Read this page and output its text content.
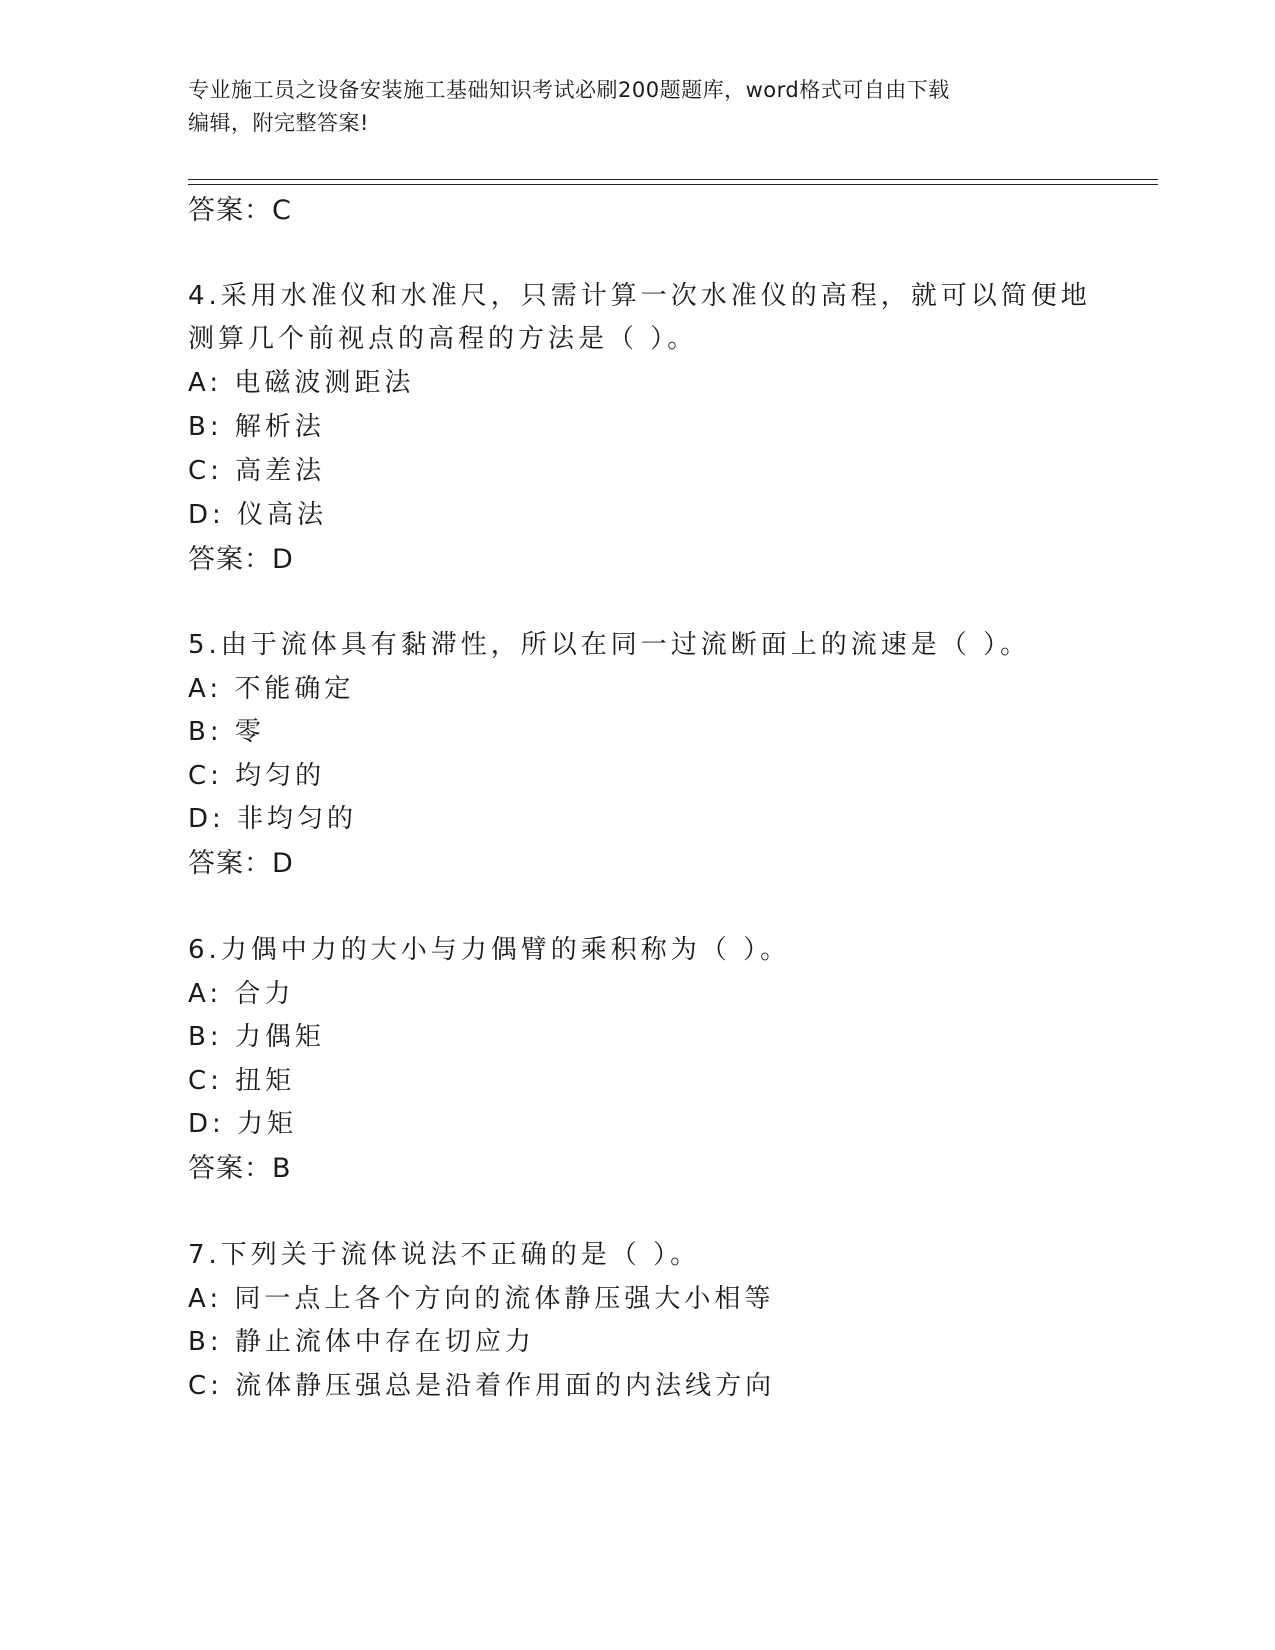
专业施工员之设备安装施工基础知识考试必刷200题题库，word格式可自由下载
编辑，附完整答案!
答案：C
4.采用水准仪和水准尺，只需计算一次水准仪的高程，就可以简便地
测算几个前视点的高程的方法是（ ）。
A: 电磁波测距法
B: 解析法
C: 高差法
D: 仪高法
答案：D
5.由于流体具有黏滞性，所以在同一过流断面上的流速是（ ）。
A: 不能确定
B: 零
C: 均匀的
D: 非均匀的
答案：D
6.力偶中力的大小与力偶臂的乘积称为（ ）。
A: 合力
B: 力偶矩
C: 扭矩
D: 力矩
答案：B
7.下列关于流体说法不正确的是（ ）。
A: 同一点上各个方向的流体静压强大小相等
B: 静止流体中存在切应力
C: 流体静压强总是沿着作用面的内法线方向
